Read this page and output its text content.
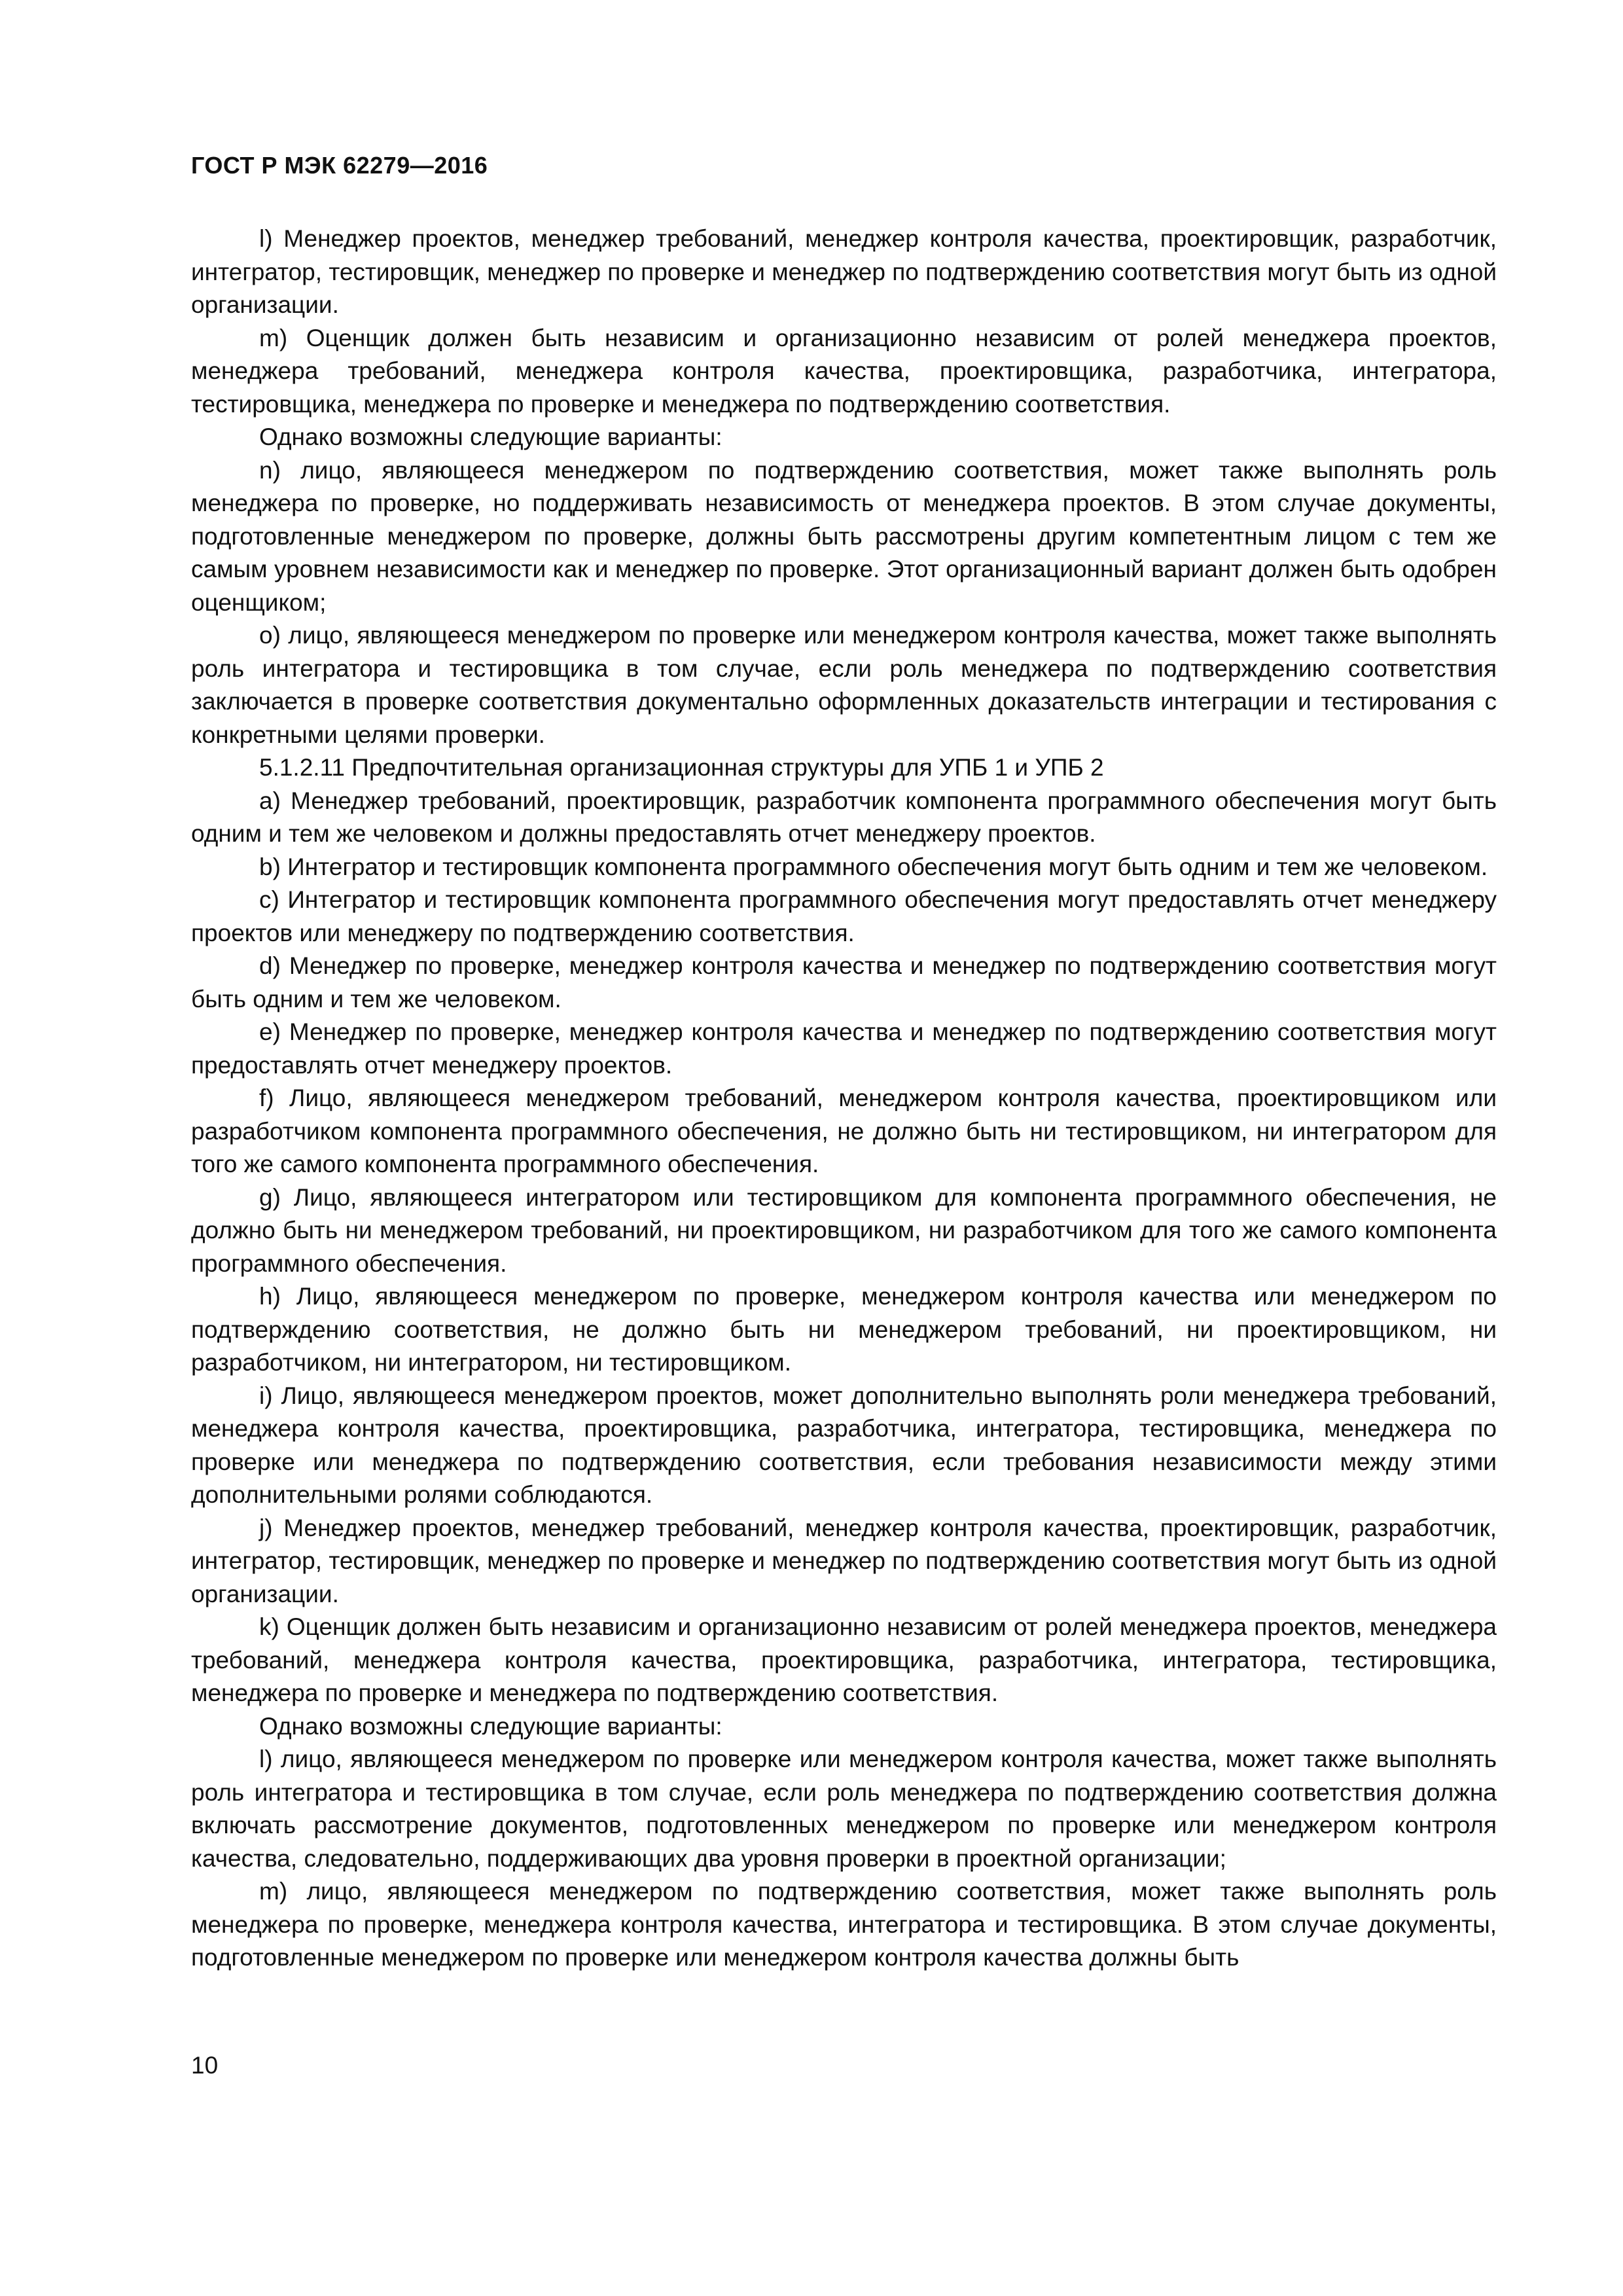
ГОСТ Р МЭК 62279—2016

l) Менеджер проектов, менеджер требований, менеджер контроля качества, проектировщик, разработчик, интегратор, тестировщик, менеджер по проверке и менеджер по подтверждению соответствия могут быть из одной организации.

m) Оценщик должен быть независим и организационно независим от ролей менеджера проектов, менеджера требований, менеджера контроля качества, проектировщика, разработчика, интегратора, тестировщика, менеджера по проверке и менеджера по подтверждению соответствия.

Однако возможны следующие варианты:

n) лицо, являющееся менеджером по подтверждению соответствия, может также выполнять роль менеджера по проверке, но поддерживать независимость от менеджера проектов. В этом случае документы, подготовленные менеджером по проверке, должны быть рассмотрены другим компетентным лицом с тем же самым уровнем независимости как и менеджер по проверке. Этот организационный вариант должен быть одобрен оценщиком;

o) лицо, являющееся менеджером по проверке или менеджером контроля качества, может также выполнять роль интегратора и тестировщика в том случае, если роль менеджера по подтверждению соответствия заключается в проверке соответствия документально оформленных доказательств интеграции и тестирования с конкретными целями проверки.

5.1.2.11 Предпочтительная организационная структуры для УПБ 1 и УПБ 2

a) Менеджер требований, проектировщик, разработчик компонента программного обеспечения могут быть одним и тем же человеком и должны предоставлять отчет менеджеру проектов.

b) Интегратор и тестировщик компонента программного обеспечения могут быть одним и тем же человеком.

c) Интегратор и тестировщик компонента программного обеспечения могут предоставлять отчет менеджеру проектов или менеджеру по подтверждению соответствия.

d) Менеджер по проверке, менеджер контроля качества и менеджер по подтверждению соответствия могут быть одним и тем же человеком.

e) Менеджер по проверке, менеджер контроля качества и менеджер по подтверждению соответствия могут предоставлять отчет менеджеру проектов.

f) Лицо, являющееся менеджером требований, менеджером контроля качества, проектировщиком или разработчиком компонента программного обеспечения, не должно быть ни тестировщиком, ни интегратором для того же самого компонента программного обеспечения.

g) Лицо, являющееся интегратором или тестировщиком для компонента программного обеспечения, не должно быть ни менеджером требований, ни проектировщиком, ни разработчиком для того же самого компонента программного обеспечения.

h) Лицо, являющееся менеджером по проверке, менеджером контроля качества или менеджером по подтверждению соответствия, не должно быть ни менеджером требований, ни проектировщиком, ни разработчиком, ни интегратором, ни тестировщиком.

i) Лицо, являющееся менеджером проектов, может дополнительно выполнять роли менеджера требований, менеджера контроля качества, проектировщика, разработчика, интегратора, тестировщика, менеджера по проверке или менеджера по подтверждению соответствия, если требования независимости между этими дополнительными ролями соблюдаются.

j) Менеджер проектов, менеджер требований, менеджер контроля качества, проектировщик, разработчик, интегратор, тестировщик, менеджер по проверке и менеджер по подтверждению соответствия могут быть из одной организации.

k) Оценщик должен быть независим и организационно независим от ролей менеджера проектов, менеджера требований, менеджера контроля качества, проектировщика, разработчика, интегратора, тестировщика, менеджера по проверке и менеджера по подтверждению соответствия.

Однако возможны следующие варианты:

l) лицо, являющееся менеджером по проверке или менеджером контроля качества, может также выполнять роль интегратора и тестировщика в том случае, если роль менеджера по подтверждению соответствия должна включать рассмотрение документов, подготовленных менеджером по проверке или менеджером контроля качества, следовательно, поддерживающих два уровня проверки в проектной организации;

m) лицо, являющееся менеджером по подтверждению соответствия, может также выполнять роль менеджера по проверке, менеджера контроля качества, интегратора и тестировщика. В этом случае документы, подготовленные менеджером по проверке или менеджером контроля качества должны быть

10
